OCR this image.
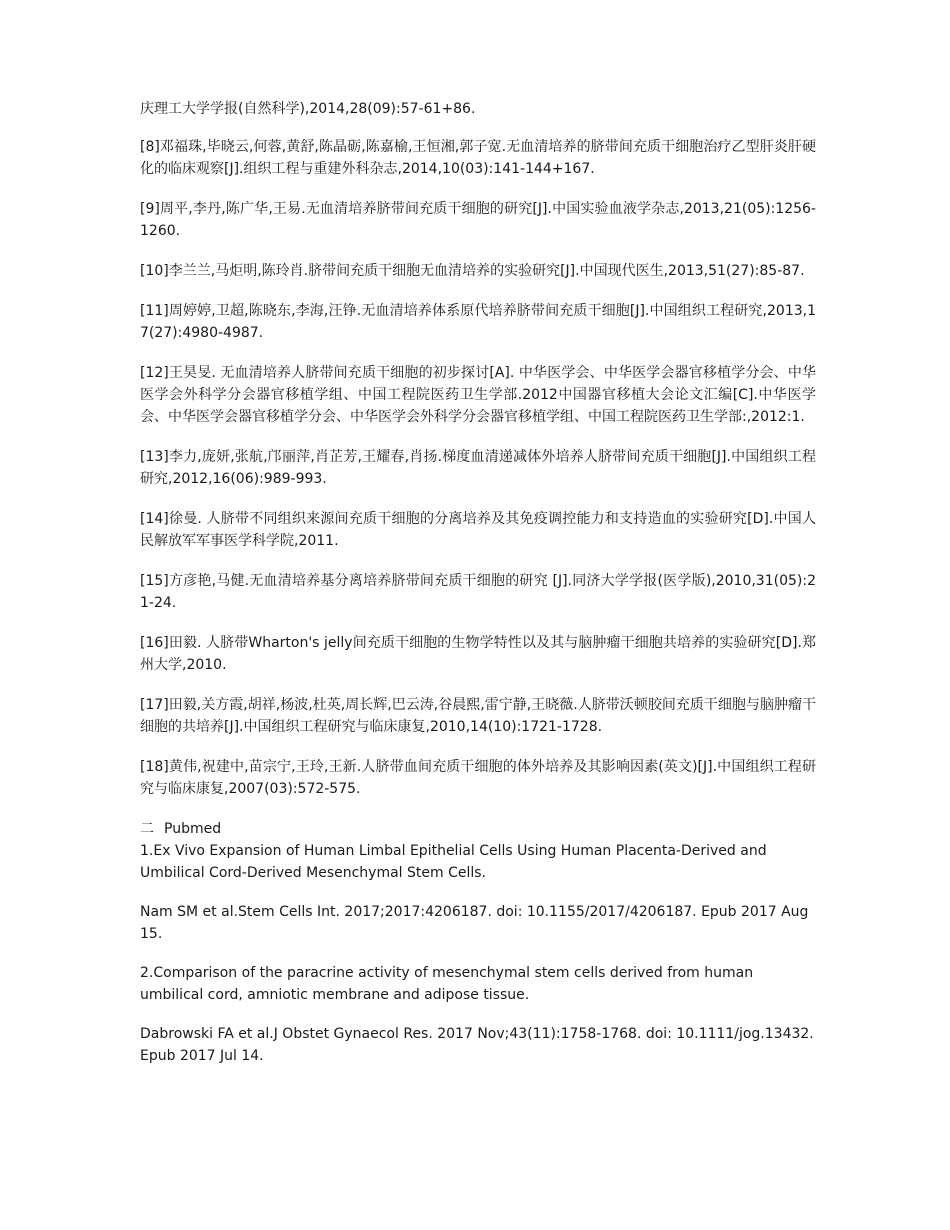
庆理工大学学报(自然科学),2014,28(09):57-61+86.

[8]邓福珠,毕晓云,何蓉,黄舒,陈晶砺,陈嘉榆,王恒湘,郭子宽.无血清培养的脐带间充质干细胞治疗乙型肝炎肝硬化的临床观察[J].组织工程与重建外科杂志,2014,10(03):141-144+167.

[9]周平,李丹,陈广华,王易.无血清培养脐带间充质干细胞的研究[J].中国实验血液学杂志,2013,21(05):1256-1260.

[10]李兰兰,马炬明,陈玲肖.脐带间充质干细胞无血清培养的实验研究[J].中国现代医生,2013,51(27):85-87.

[11]周婷婷,卫超,陈晓东,李海,汪铮.无血清培养体系原代培养脐带间充质干细胞[J].中国组织工程研究,2013,17(27):4980-4987.

[12]王昊旻. 无血清培养人脐带间充质干细胞的初步探讨[A]. 中华医学会、中华医学会器官移植学分会、中华医学会外科学分会器官移植学组、中国工程院医药卫生学部.2012中国器官移植大会论文汇编[C].中华医学会、中华医学会器官移植学分会、中华医学会外科学分会器官移植学组、中国工程院医药卫生学部:,2012:1.

[13]李力,庞妍,张航,邝丽萍,肖芷芳,王耀春,肖扬.梯度血清递减体外培养人脐带间充质干细胞[J].中国组织工程研究,2012,16(06):989-993.

[14]徐曼. 人脐带不同组织来源间充质干细胞的分离培养及其免疫调控能力和支持造血的实验研究[D].中国人民解放军军事医学科学院,2011.

[15]方彦艳,马健.无血清培养基分离培养脐带间充质干细胞的研究 [J].同济大学学报(医学版),2010,31(05):21-24.

[16]田毅. 人脐带Wharton's jelly间充质干细胞的生物学特性以及其与脑肿瘤干细胞共培养的实验研究[D].郑州大学,2010.

[17]田毅,关方霞,胡祥,杨波,杜英,周长辉,巴云涛,谷晨熙,雷宁静,王晓薇.人脐带沃顿胶间充质干细胞与脑肿瘤干细胞的共培养[J].中国组织工程研究与临床康复,2010,14(10):1721-1728.

[18]黄伟,祝建中,苗宗宁,王玲,王新.人脐带血间充质干细胞的体外培养及其影响因素(英文)[J].中国组织工程研究与临床康复,2007(03):572-575.

二 Pubmed

1.Ex Vivo Expansion of Human Limbal Epithelial Cells Using Human Placenta-Derived and Umbilical Cord-Derived Mesenchymal Stem Cells.

Nam SM et al.Stem Cells Int. 2017;2017:4206187. doi: 10.1155/2017/4206187. Epub 2017 Aug 15.

2.Comparison of the paracrine activity of mesenchymal stem cells derived from human umbilical cord, amniotic membrane and adipose tissue.

Dabrowski FA et al.J Obstet Gynaecol Res. 2017 Nov;43(11):1758-1768. doi: 10.1111/jog.13432. Epub 2017 Jul 14.
